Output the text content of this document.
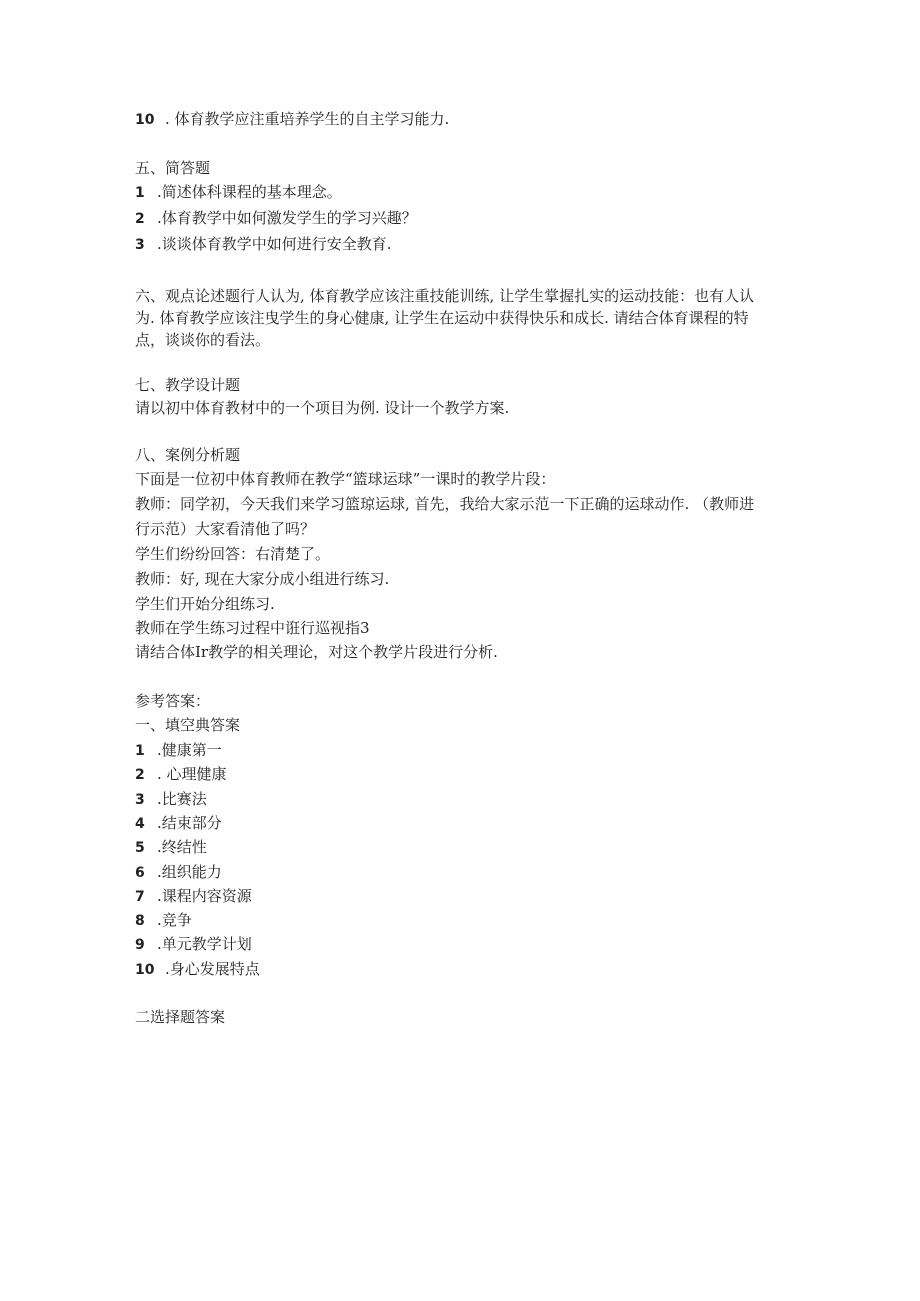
10 . 体育教学应注重培养学生的自主学习能力.
五、简答题
1 .简述体科课程的基本理念。
2 .体育教学中如何激发学生的学习兴趣？
3 .谈谈体育教学中如何进行安全教育.
六、观点论述题行人认为, 体育教学应该注重技能训练, 让学生掌握扎实的运动技能：也有人认
为. 体育教学应该注曳学生的身心健康, 让学生在运动中获得快乐和成长. 请结合体育课程的特
点，谈谈你的看法。
七、教学设计题
请以初中体育教材中的一个项目为例. 设计一个教学方案.
八、案例分析题
下面是一位初中体育教师在教学“篮球运球”一课时的教学片段：
教师：同学初，今天我们来学习篮琼运球, 首先，我给大家示范一下正确的运球动作. （教师进
行示范）大家看清他了吗？
学生们纷纷回答：右清楚了。
教师：好, 现在大家分成小组进行练习.
学生们开始分组练习.
教师在学生练习过程中诳行巡视指3
请结合体Ir教学的相关理论，对这个教学片段进行分析.
参考答案：
一、填空典答案
1 .健康第一
2 . 心理健康
3 .比赛法
4 .结束部分
5 .终结性
6 .组织能力
7 .课程内容资源
8 .竞争
9 .单元教学计划
10 .身心发展特点
二选择题答案
